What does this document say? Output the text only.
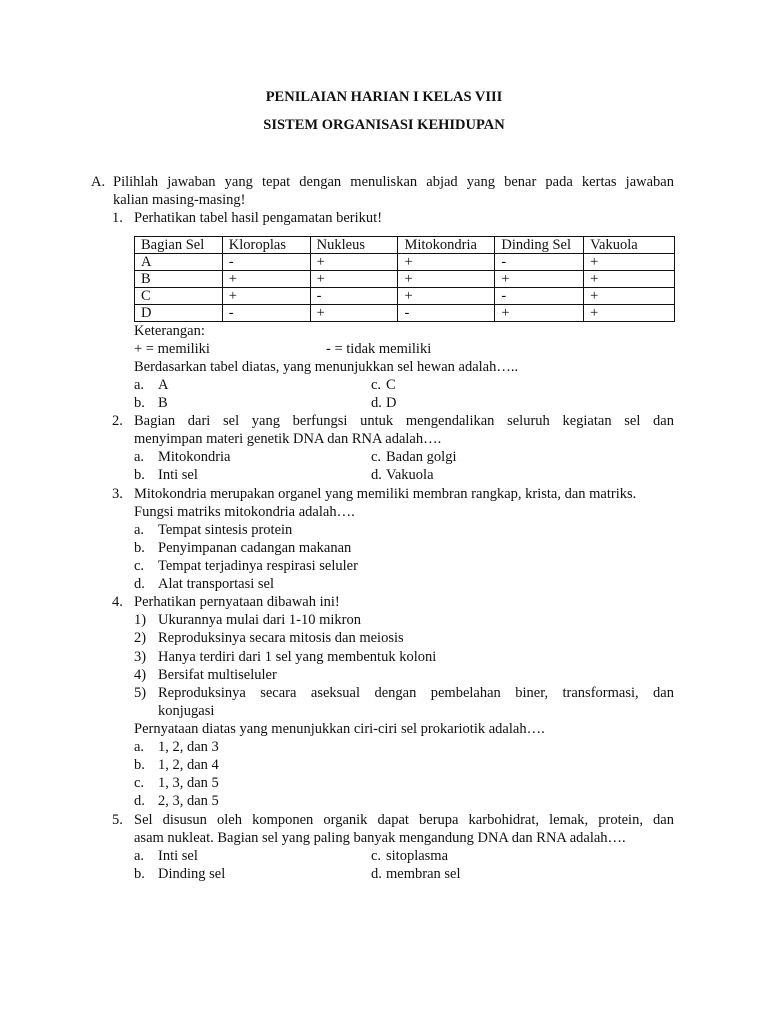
PENILAIAN HARIAN I KELAS VIII
SISTEM ORGANISASI KEHIDUPAN
A. Pilihlah jawaban yang tepat dengan menuliskan abjad yang benar pada kertas jawaban
kalian masing-masing!
1. Perhatikan tabel hasil pengamatan berikut!
Bagian Sel	Kloroplas	Nukleus	Mitokondria	Dinding Sel	Vakuola
A	-	+	+	-	+
B	+	+	+	+	+
C	+	-	+	-	+
D	-	+	-	+	+
Keterangan:
+ = memiliki	- = tidak memiliki
Berdasarkan tabel diatas, yang menunjukkan sel hewan adalah…..
a. A	c. C
b. B	d. D
2. Bagian dari sel yang berfungsi untuk mengendalikan seluruh kegiatan sel dan
menyimpan materi genetik DNA dan RNA adalah….
a. Mitokondria	c. Badan golgi
b. Inti sel	d. Vakuola
3. Mitokondria merupakan organel yang memiliki membran rangkap, krista, dan matriks.
Fungsi matriks mitokondria adalah….
a. Tempat sintesis protein
b. Penyimpanan cadangan makanan
c. Tempat terjadinya respirasi seluler
d. Alat transportasi sel
4. Perhatikan pernyataan dibawah ini!
1) Ukurannya mulai dari 1-10 mikron
2) Reproduksinya secara mitosis dan meiosis
3) Hanya terdiri dari 1 sel yang membentuk koloni
4) Bersifat multiseluler
5) Reproduksinya secara aseksual dengan pembelahan biner, transformasi, dan
konjugasi
Pernyataan diatas yang menunjukkan ciri-ciri sel prokariotik adalah….
a. 1, 2, dan 3
b. 1, 2, dan 4
c. 1, 3, dan 5
d. 2, 3, dan 5
5. Sel disusun oleh komponen organik dapat berupa karbohidrat, lemak, protein, dan
asam nukleat. Bagian sel yang paling banyak mengandung DNA dan RNA adalah….
a. Inti sel	c. sitoplasma
b. Dinding sel	d. membran sel
